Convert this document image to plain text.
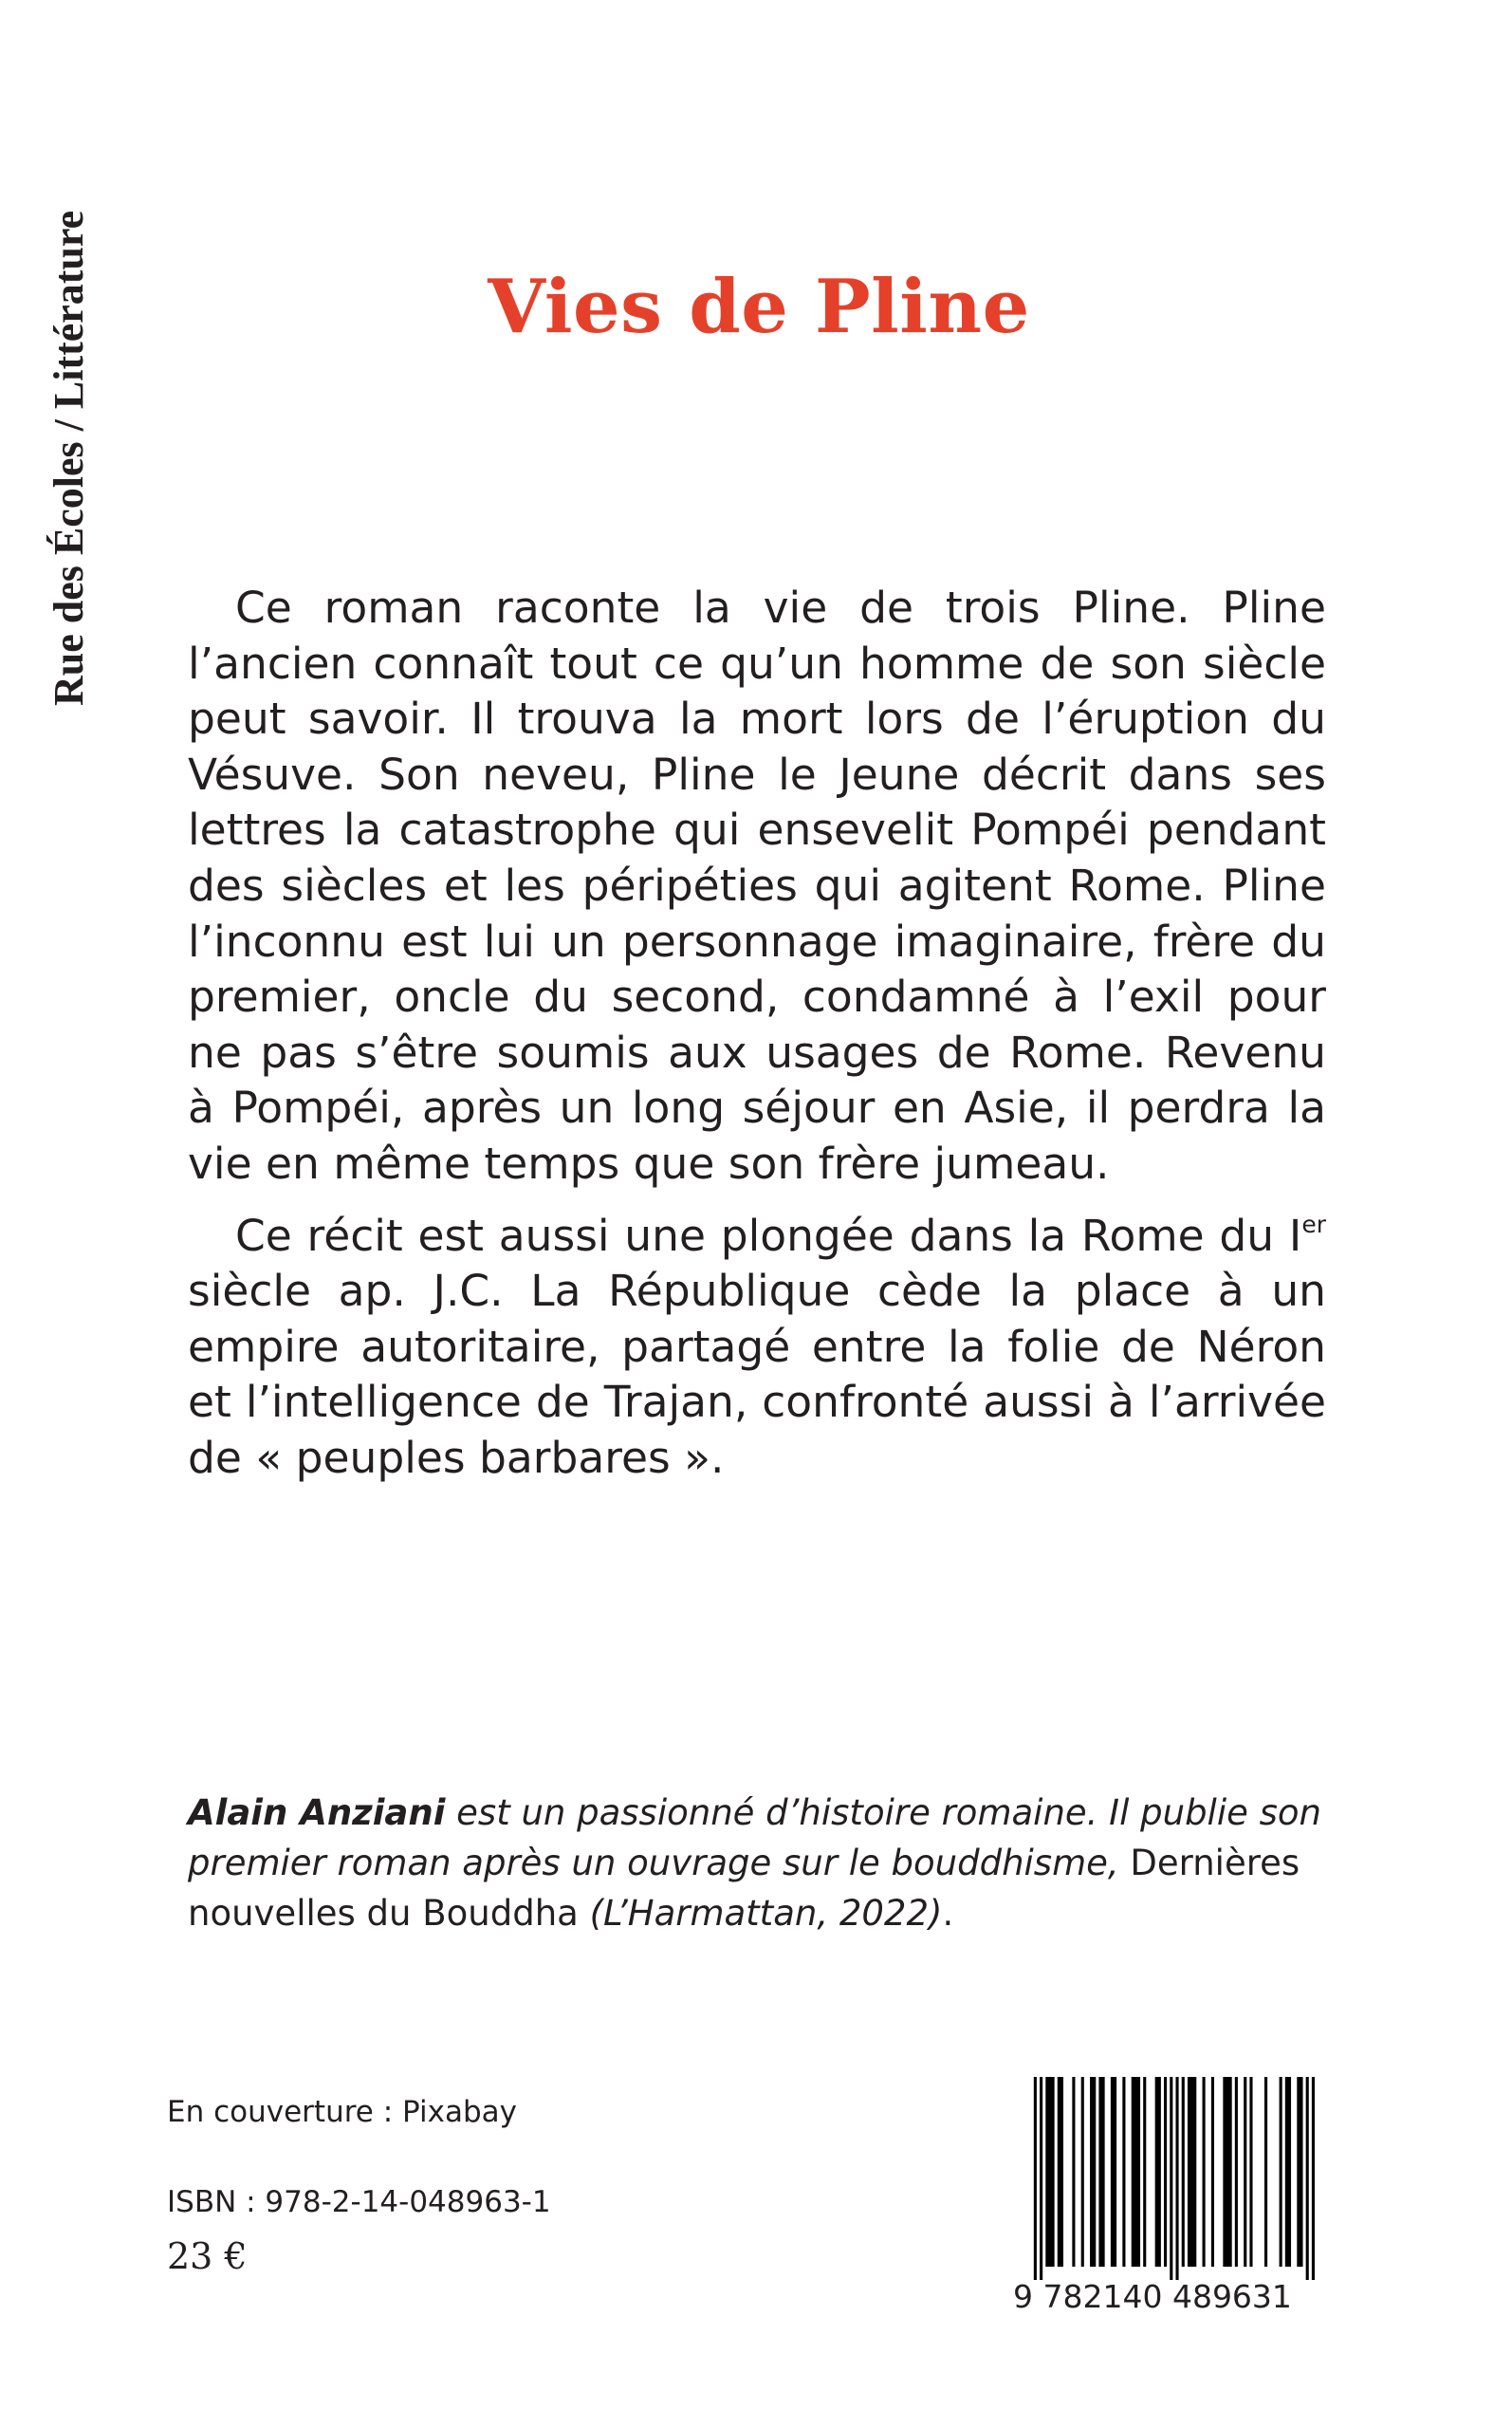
Rue des Écoles / Littérature	Vies de Pline

Ce roman raconte la vie de trois Pline. Pline l’ancien connaît tout ce qu’un homme de son siècle peut savoir. Il trouva la mort lors de l’éruption du Vésuve. Son neveu, Pline le Jeune décrit dans ses lettres la catastrophe qui ensevelit Pompéi pendant des siècles et les péripéties qui agitent Rome. Pline l’inconnu est lui un personnage imaginaire, frère du premier, oncle du second, condamné à l’exil pour ne pas s’être soumis aux usages de Rome. Revenu à Pompéi, après un long séjour en Asie, il perdra la vie en même temps que son frère jumeau.

Ce récit est aussi une plongée dans la Rome du Ier siècle ap. J.C. La République cède la place à un empire autoritaire, partagé entre la folie de Néron et l’intelligence de Trajan, confronté aussi à l’arrivée de « peuples barbares ».

Alain Anziani est un passionné d’histoire romaine. Il publie son premier roman après un ouvrage sur le bouddhisme, Dernières nouvelles du Bouddha (L’Harmattan, 2022).
En couverture : Pixabay
ISBN : 978-2-14-048963-1
23 €
9 782140 489631
